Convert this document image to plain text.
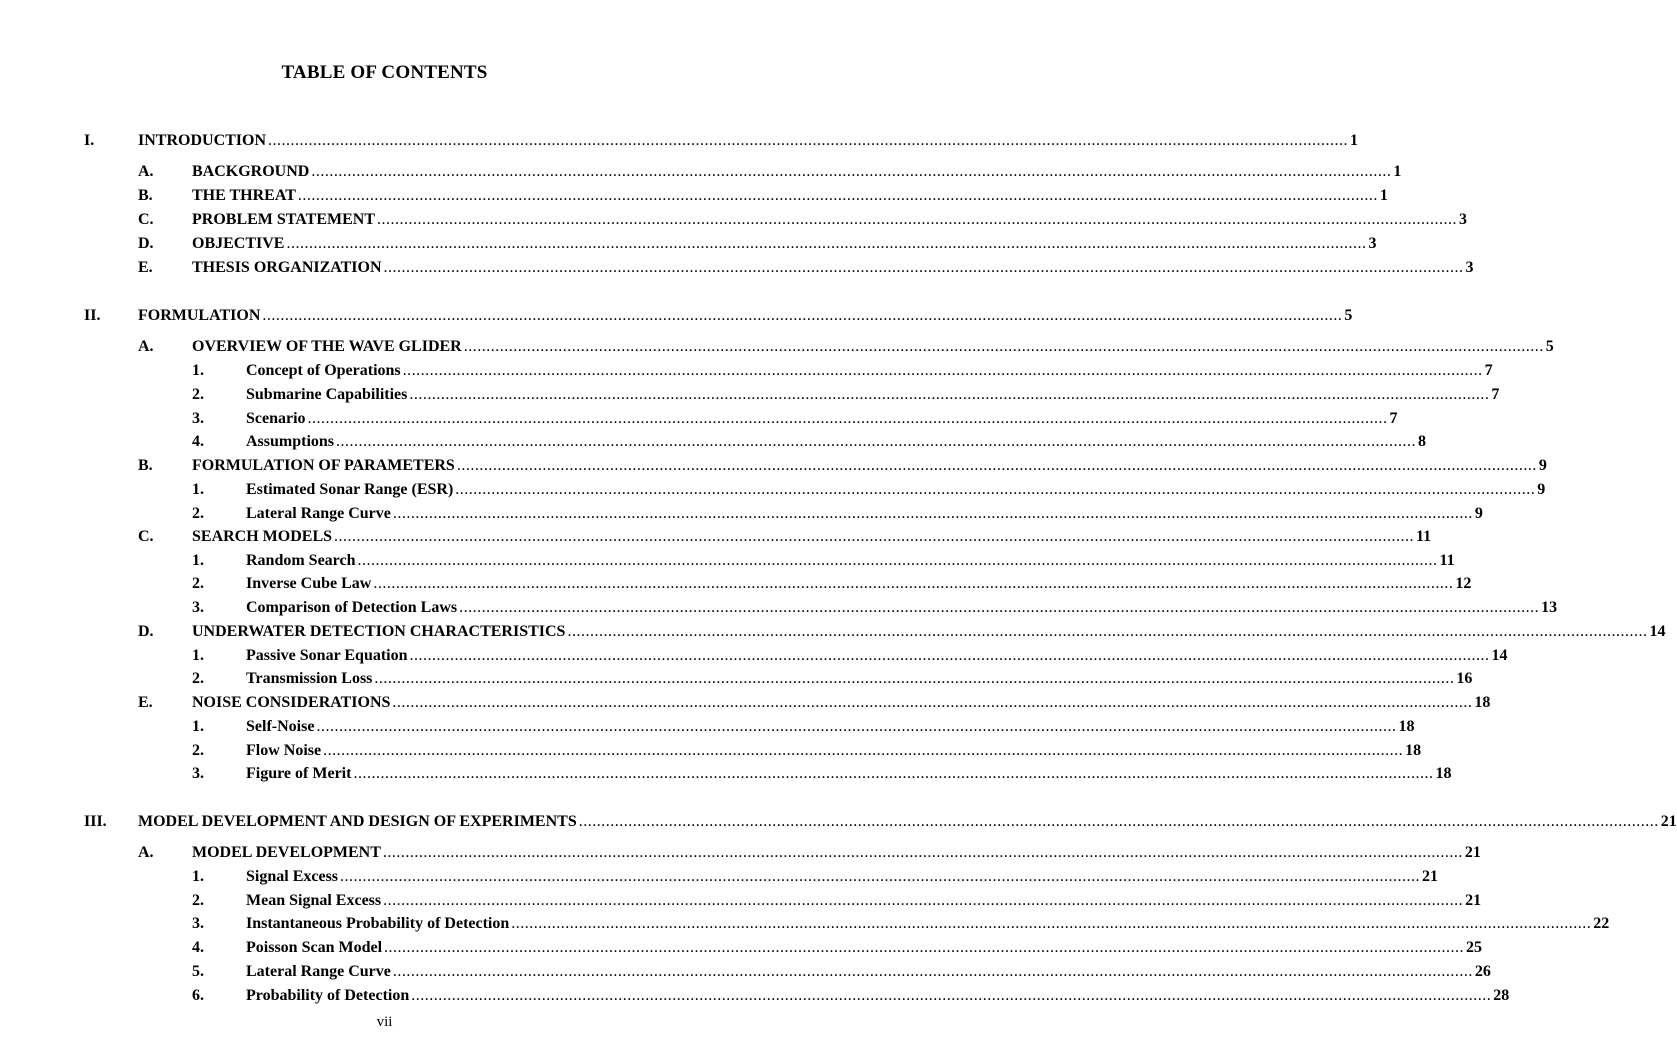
TABLE OF CONTENTS
I.	INTRODUCTION ................................................................................................................................................................................................................................................ 1
A. BACKGROUND ................................................................................................................................................................................................................................................ 1
B. THE THREAT ................................................................................................................................................................................................................................................ 1
C. PROBLEM STATEMENT ................................................................................................................................................................................................................................................ 3
D. OBJECTIVE ................................................................................................................................................................................................................................................ 3
E. THESIS ORGANIZATION ................................................................................................................................................................................................................................................ 3
II. FORMULATION ................................................................................................................................................................................................................................................ 5
A. OVERVIEW OF THE WAVE GLIDER ................................................................................................................................................................................................................................................ 5
1.	Concept of Operations ................................................................................................................................................................................................................................................ 7
2.	Submarine Capabilities ................................................................................................................................................................................................................................................ 7
3.	Scenario ................................................................................................................................................................................................................................................ 7
4.	Assumptions ................................................................................................................................................................................................................................................ 8
B. FORMULATION OF PARAMETERS ................................................................................................................................................................................................................................................ 9
1.	Estimated Sonar Range (ESR) ................................................................................................................................................................................................................................................ 9
2.	Lateral Range Curve ................................................................................................................................................................................................................................................ 9
C. SEARCH MODELS ................................................................................................................................................................................................................................................ 11
1.	Random Search ................................................................................................................................................................................................................................................ 11
2.	Inverse Cube Law ................................................................................................................................................................................................................................................ 12
3.	Comparison of Detection Laws ................................................................................................................................................................................................................................................ 13
D. UNDERWATER DETECTION CHARACTERISTICS ................................................................................................................................................................................................................................................ 14
1.	Passive Sonar Equation ................................................................................................................................................................................................................................................ 14
2.	Transmission Loss ................................................................................................................................................................................................................................................ 16
E. NOISE CONSIDERATIONS ................................................................................................................................................................................................................................................ 18
1.	Self-Noise ................................................................................................................................................................................................................................................ 18
2.	Flow Noise ................................................................................................................................................................................................................................................ 18
3.	Figure of Merit ................................................................................................................................................................................................................................................ 18
III. MODEL DEVELOPMENT AND DESIGN OF EXPERIMENTS ................................................................................................................................................................................................................................................ 21
A. MODEL DEVELOPMENT ................................................................................................................................................................................................................................................ 21
1.	Signal Excess ................................................................................................................................................................................................................................................ 21
2.	Mean Signal Excess ................................................................................................................................................................................................................................................ 21
3.	Instantaneous Probability of Detection ................................................................................................................................................................................................................................................ 22
4.	Poisson Scan Model ................................................................................................................................................................................................................................................ 25
5.	Lateral Range Curve ................................................................................................................................................................................................................................................ 26
6.	Probability of Detection ................................................................................................................................................................................................................................................ 28
vii
